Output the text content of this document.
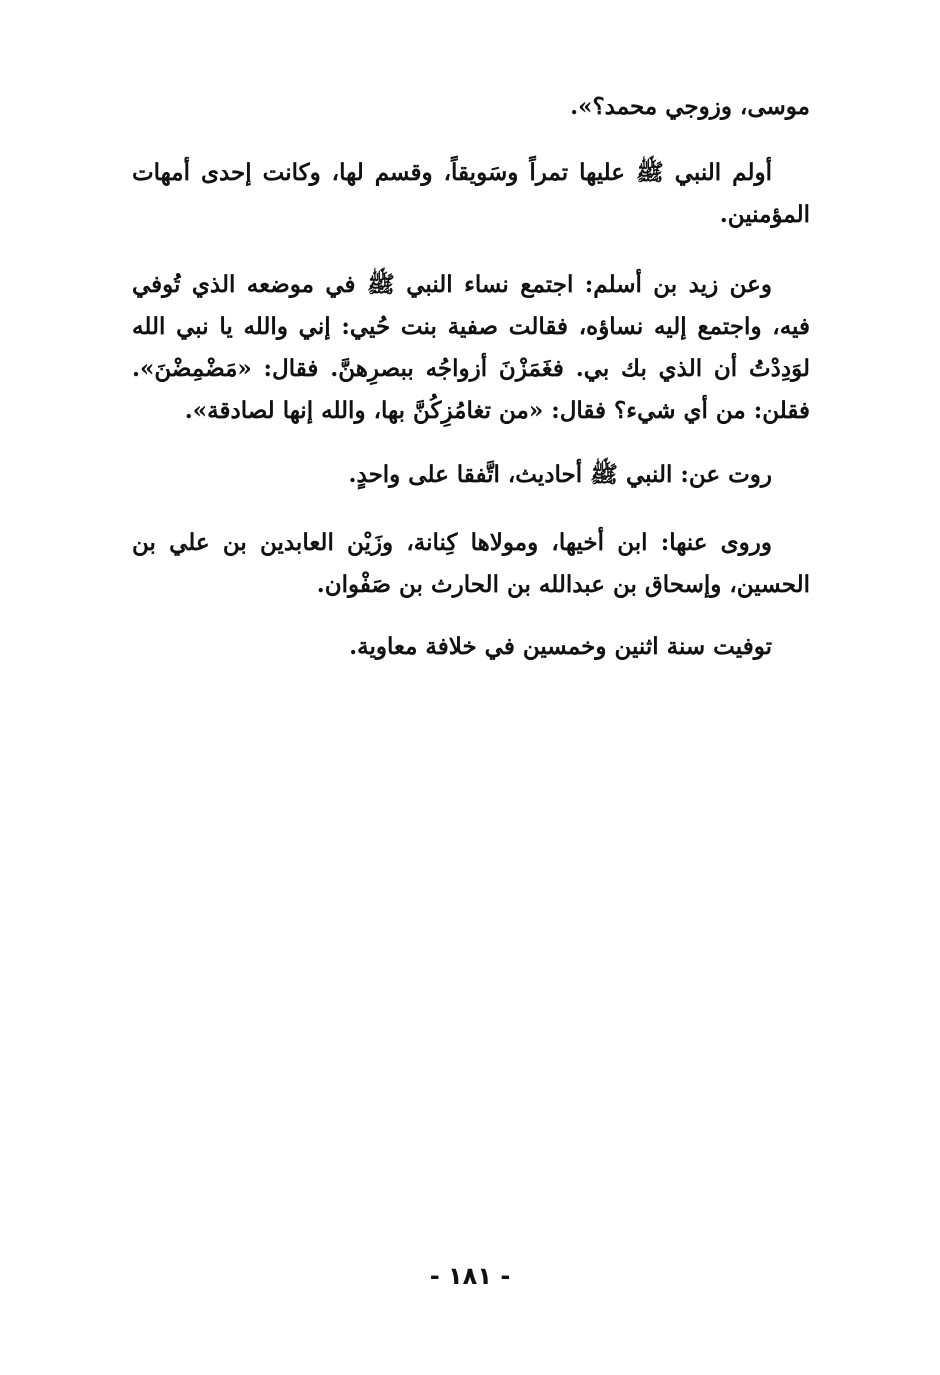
موسى، وزوجي محمد؟».

أولم النبي ﷺ عليها تمراً وسَويقاً، وقسم لها، وكانت إحدى أمهات المؤمنين.

وعن زيد بن أسلم: اجتمع نساء النبي ﷺ في موضعه الذي تُوفي فيه، واجتمع إليه نساؤه، فقالت صفية بنت حُيي: إني والله يا نبي الله لوَدِدْتُ أن الذي بك بي. فغَمَزْنَ أزواجُه ببصرِهنَّ. فقال: «مَضْمِضْنَ». فقلن: من أي شيء؟ فقال: «من تغامُزِكُنَّ بها، والله إنها لصادقة».

روت عن: النبي ﷺ أحاديث، اتَّفقا على واحدٍ.

وروى عنها: ابن أخيها، ومولاها كِنانة، وزَيْن العابدين بن علي بن الحسين، وإسحاق بن عبدالله بن الحارث بن صَفْوان.

توفيت سنة اثنين وخمسين في خلافة معاوية.

- ١٨١ -
